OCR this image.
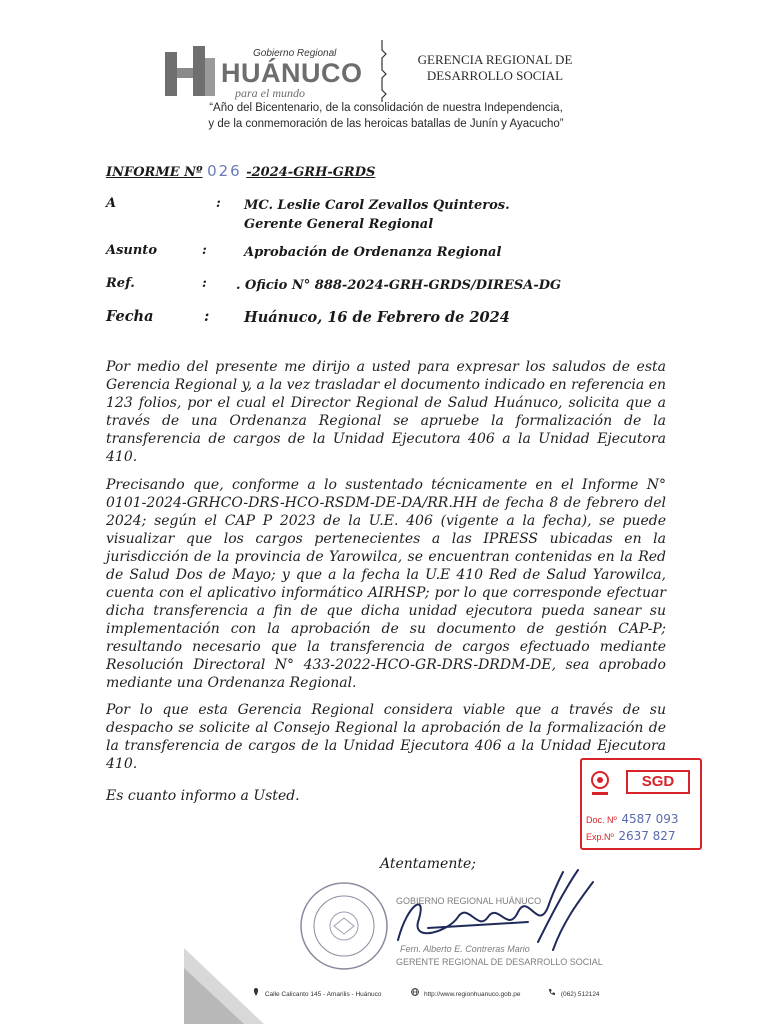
Gobierno Regional
HUÁNUCO
para el mundo
GERENCIA REGIONAL DE
DESARROLLO SOCIAL
“Año del Bicentenario, de la consolidación de nuestra Independencia,
y de la conmemoración de las heroicas batallas de Junín y Ayacucho”
INFORME Nº 026 -2024-GRH-GRDS
A	: MC. Leslie Carol Zevallos Quinteros.
Gerente General Regional
Asunto	:	Aprobación de Ordenanza Regional
Ref.	: . Oficio N° 888-2024-GRH-GRDS/DIRESA-DG
Fecha	: Huánuco, 16 de Febrero de 2024

Por medio del presente me dirijo a usted para expresar los saludos de esta Gerencia Regional y, a la vez trasladar el documento indicado en referencia en 123 folios, por el cual el Director Regional de Salud Huánuco, solicita que a través de una Ordenanza Regional se apruebe la formalización de la transferencia de cargos de la Unidad Ejecutora 406 a la Unidad Ejecutora 410.

Precisando que, conforme a lo sustentado técnicamente en el Informe N° 0101-2024-GRHCO-DRS-HCO-RSDM-DE-DA/RR.HH de fecha 8 de febrero del 2024; según el CAP P 2023 de la U.E. 406 (vigente a la fecha), se puede visualizar que los cargos pertenecientes a las IPRESS ubicadas en la jurisdicción de la provincia de Yarowilca, se encuentran contenidas en la Red de Salud Dos de Mayo; y que a la fecha la U.E 410 Red de Salud Yarowilca, cuenta con el aplicativo informático AIRHSP; por lo que corresponde efectuar dicha transferencia a fin de que dicha unidad ejecutora pueda sanear su implementación con la aprobación de su documento de gestión CAP-P; resultando necesario que la transferencia de cargos efectuado mediante Resolución Directoral N° 433-2022-HCO-GR-DRS-DRDM-DE, sea aprobado mediante una Ordenanza Regional.

Por lo que esta Gerencia Regional considera viable que a través de su despacho se solicite al Consejo Regional la aprobación de la formalización de la transferencia de cargos de la Unidad Ejecutora 406 a la Unidad Ejecutora 410.

Es cuanto informo a Usted.

SGD
Doc. Nº 4587 093
Exp.Nº 2637 827
Atentamente;
GOBIERNO REGIONAL HUÁNUCO
Fern. Alberto E. Contreras Mario
GERENTE REGIONAL DE DESARROLLO SOCIAL
Calle Calicanto 145 - Amarilis - Huánuco	http://www.regionhuanuco.gob.pe	(062) 512124
